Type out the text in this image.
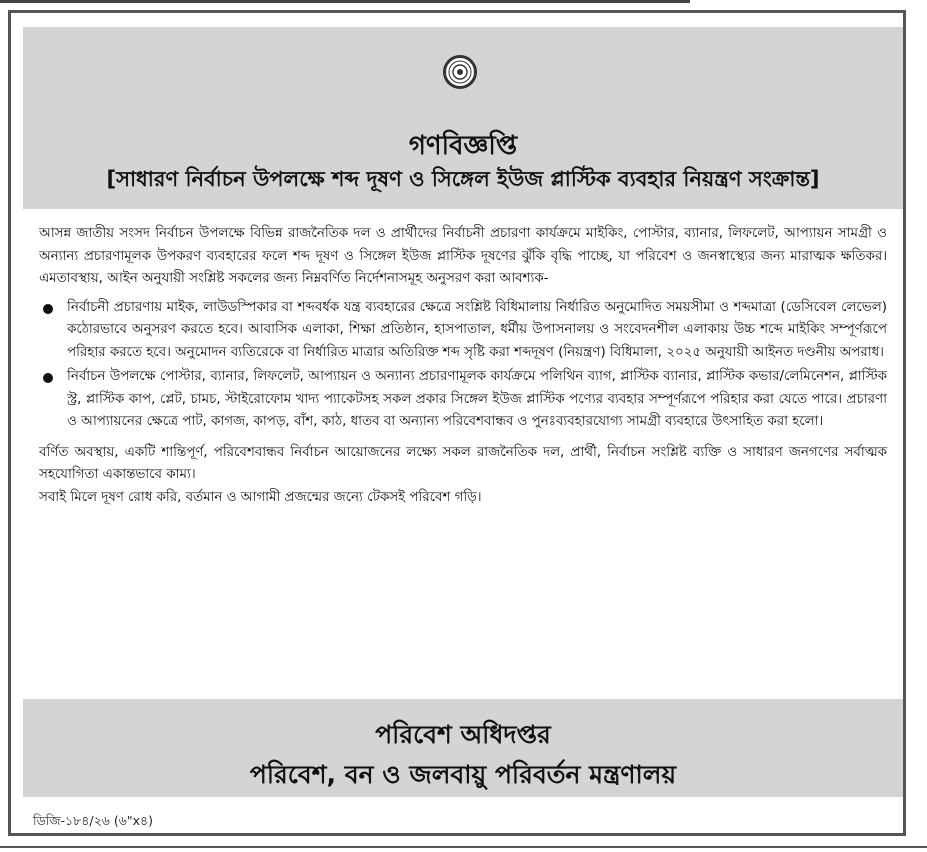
গণবিজ্ঞপ্তি
[সাধারণ নির্বাচন উপলক্ষে শব্দ দূষণ ও সিঙ্গেল ইউজ প্লাস্টিক ব্যবহার নিয়ন্ত্রণ সংক্রান্ত]

আসন্ন জাতীয় সংসদ নির্বাচন উপলক্ষে বিভিন্ন রাজনৈতিক দল ও প্রার্থীদের নির্বাচনী প্রচারণা কার্যক্রমে মাইকিং, পোস্টার, ব্যানার, লিফলেট, আপ্যায়ন সামগ্রী ও অন্যান্য প্রচারণামূলক উপকরণ ব্যবহারের ফলে শব্দ দূষণ ও সিঙ্গেল ইউজ প্লাস্টিক দূষণের ঝুঁকি বৃদ্ধি পাচ্ছে, যা পরিবেশ ও জনস্বাস্থ্যের জন্য মারাত্মক ক্ষতিকর। এমতাবস্থায়, আইন অনুযায়ী সংশ্লিষ্ট সকলের জন্য নিম্নবর্ণিত নির্দেশনাসমূহ অনুসরণ করা আবশ্যক-

নির্বাচনী প্রচারণায় মাইক, লাউডস্পিকার বা শব্দবর্ধক যন্ত্র ব্যবহারের ক্ষেত্রে সংশ্লিষ্ট বিধিমালায় নির্ধারিত অনুমোদিত সময়সীমা ও শব্দমাত্রা (ডেসিবেল লেভেল) কঠোরভাবে অনুসরণ করতে হবে। আবাসিক এলাকা, শিক্ষা প্রতিষ্ঠান, হাসপাতাল, ধর্মীয় উপাসনালয় ও সংবেদনশীল এলাকায় উচ্চ শব্দে মাইকিং সম্পূর্ণরূপে পরিহার করতে হবে। অনুমোদন ব্যতিরেকে বা নির্ধারিত মাত্রার অতিরিক্ত শব্দ সৃষ্টি করা শব্দদূষণ (নিয়ন্ত্রণ) বিধিমালা, ২০২৫ অনুযায়ী আইনত দণ্ডনীয় অপরাধ।
নির্বাচন উপলক্ষে পোস্টার, ব্যানার, লিফলেট, আপ্যায়ন ও অন্যান্য প্রচারণামূলক কার্যক্রমে পলিথিন ব্যাগ, প্লাস্টিক ব্যানার, প্লাস্টিক কভার/লেমিনেশন, প্লাস্টিক স্ট্র, প্লাস্টিক কাপ, প্লেট, চামচ, স্টাইরোফোম খাদ্য প্যাকেটসহ সকল প্রকার সিঙ্গেল ইউজ প্লাস্টিক পণ্যের ব্যবহার সম্পূর্ণরূপে পরিহার করা যেতে পারে। প্রচারণা ও আপ্যায়নের ক্ষেত্রে পাট, কাগজ, কাপড়, বাঁশ, কাঠ, ধাতব বা অন্যান্য পরিবেশবান্ধব ও পুনঃব্যবহারযোগ্য সামগ্রী ব্যবহারে উৎসাহিত করা হলো।

বর্ণিত অবস্থায়, একটি শান্তিপূর্ণ, পরিবেশবান্ধব নির্বাচন আয়োজনের লক্ষ্যে সকল রাজনৈতিক দল, প্রার্থী, নির্বাচন সংশ্লিষ্ট ব্যক্তি ও সাধারণ জনগণের সর্বাত্মক সহযোগিতা একান্তভাবে কাম্য।

সবাই মিলে দূষণ রোধ করি, বর্তমান ও আগামী প্রজন্মের জন্যে টেকসই পরিবেশ গড়ি।

পরিবেশ অধিদপ্তর
পরিবেশ, বন ও জলবায়ু পরিবর্তন মন্ত্রণালয়
ডিজি-১৮৪/২৬ (৬"x৪)
